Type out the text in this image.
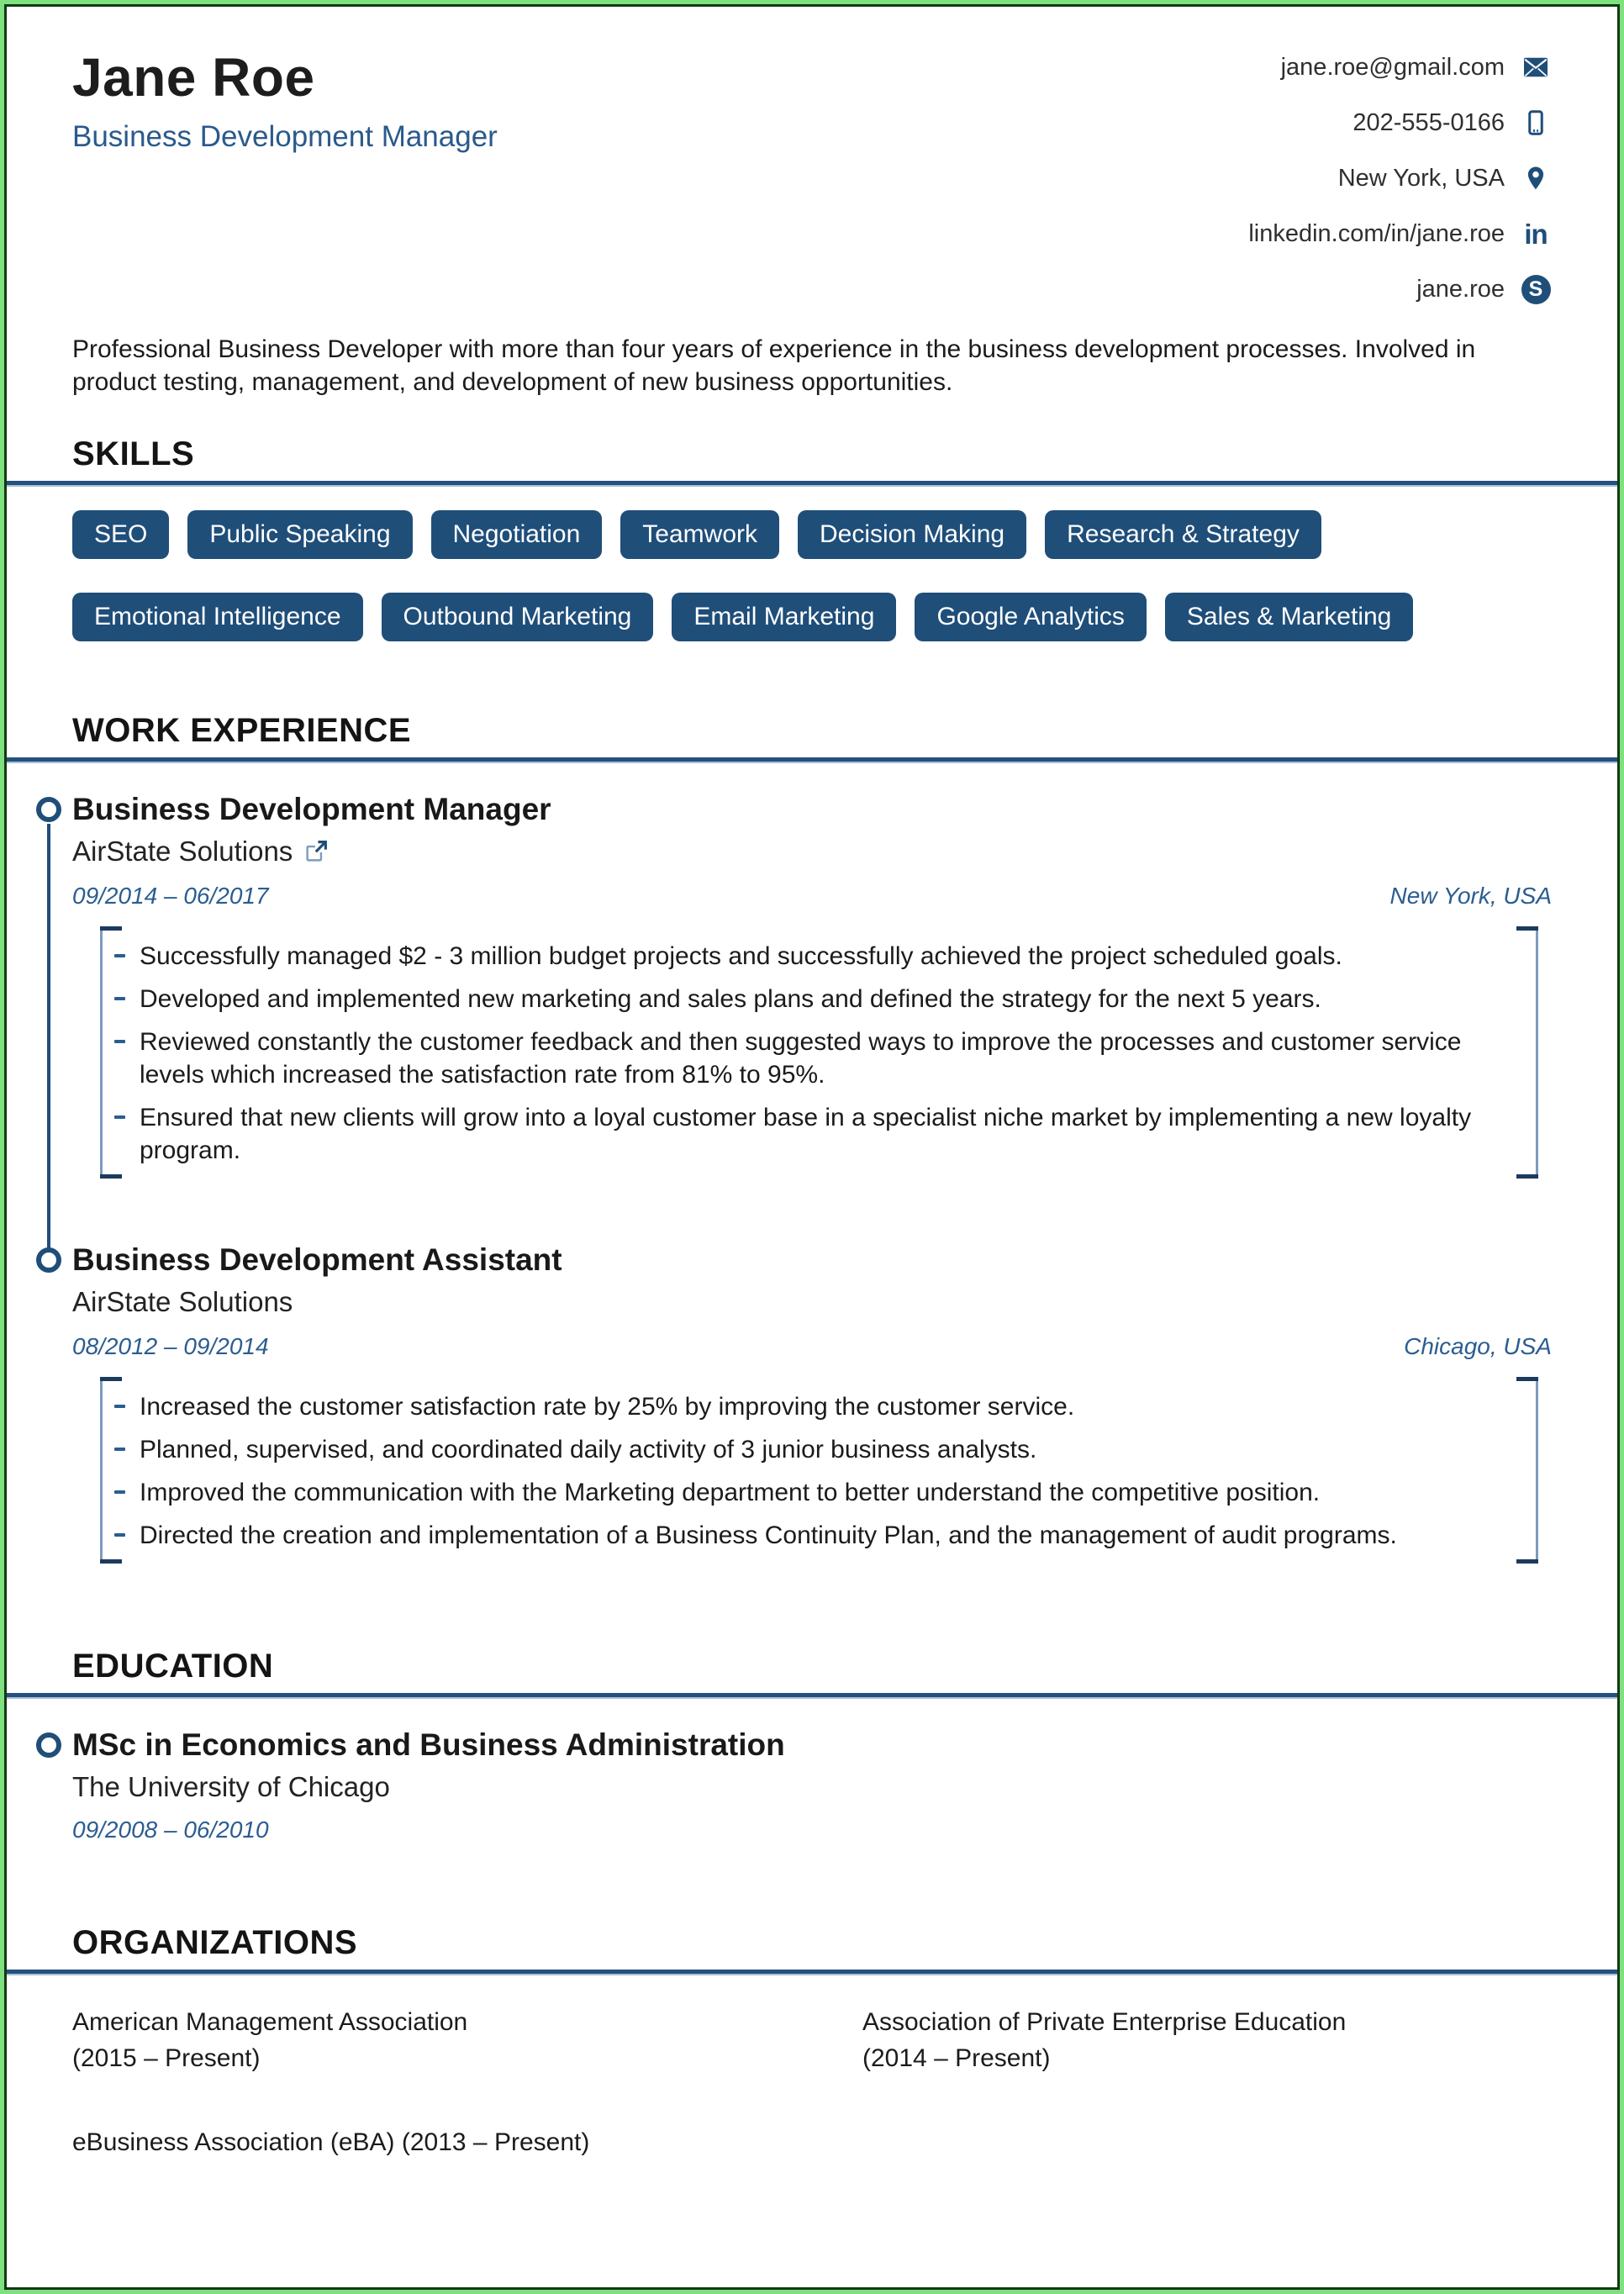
Jane Roe
Business Development Manager
jane.roe@gmail.com
202-555-0166
New York, USA
linkedin.com/in/jane.roe in
jane.roe	S
Professional Business Developer with more than four years of experience in the business development processes. Involved in product testing, management, and development of new business opportunities.
SKILLS
SEO	Public Speaking	Negotiation	Teamwork	Decision Making	Research & Strategy
Emotional Intelligence	Outbound Marketing	Email Marketing	Google Analytics	Sales & Marketing
WORK EXPERIENCE
Business Development Manager
AirState Solutions
09/2014 – 06/2017	New York, USA

Successfully managed $2 - 3 million budget projects and successfully achieved the project scheduled goals.

Developed and implemented new marketing and sales plans and defined the strategy for the next 5 years.

Reviewed constantly the customer feedback and then suggested ways to improve the processes and customer service levels which increased the satisfaction rate from 81% to 95%.

Ensured that new clients will grow into a loyal customer base in a specialist niche market by implementing a new loyalty program.

Business Development Assistant
AirState Solutions
08/2012 – 09/2014	Chicago, USA

Increased the customer satisfaction rate by 25% by improving the customer service.

Planned, supervised, and coordinated daily activity of 3 junior business analysts.

Improved the communication with the Marketing department to better understand the competitive position.

Directed the creation and implementation of a Business Continuity Plan, and the management of audit programs.

EDUCATION
MSc in Economics and Business Administration
The University of Chicago
09/2008 – 06/2010
ORGANIZATIONS
American Management Association
(2015 – Present)
Association of Private Enterprise Education
(2014 – Present)
eBusiness Association (eBA) (2013 – Present)
